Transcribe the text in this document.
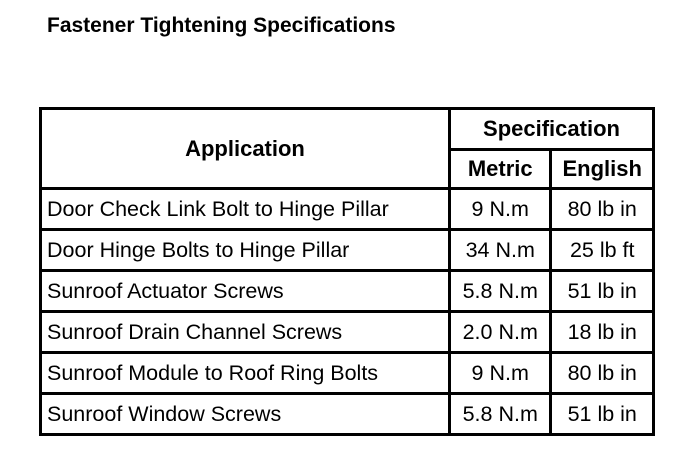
Fastener Tightening Specifications
Application	Specification	
	Metric	English
Door Check Link Bolt to Hinge Pillar	9 N.m	80 lb in
Door Hinge Bolts to Hinge Pillar	34 N.m	25 lb ft
Sunroof Actuator Screws	5.8 N.m	51 lb in
Sunroof Drain Channel Screws	2.0 N.m	18 lb in
Sunroof Module to Roof Ring Bolts	9 N.m	80 lb in
Sunroof Window Screws	5.8 N.m	51 lb in
